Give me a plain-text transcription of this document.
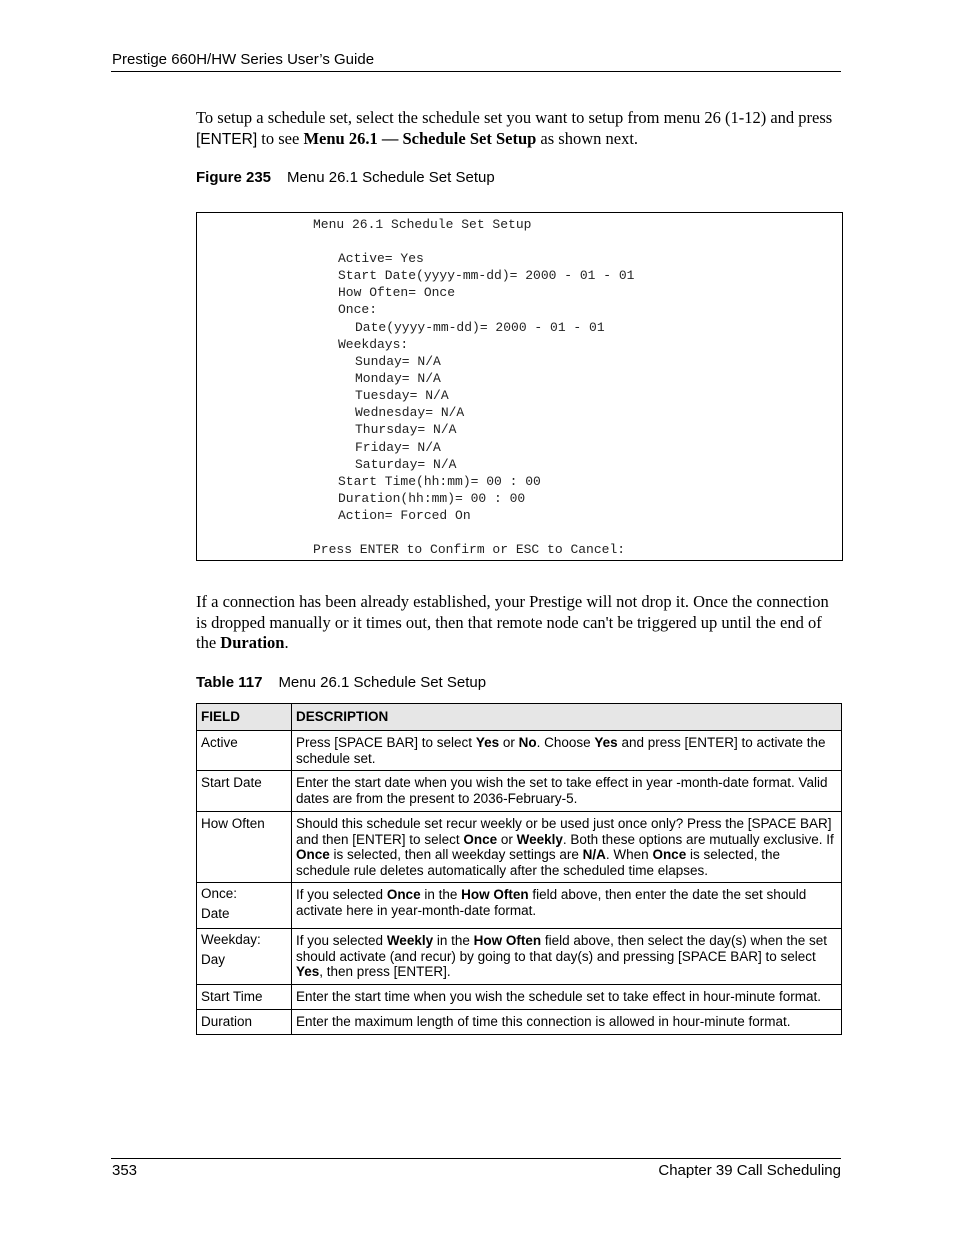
Prestige 660H/HW Series User’s Guide
To setup a schedule set, select the schedule set you want to setup from menu 26 (1-12) and press [ENTER] to see Menu 26.1 — Schedule Set Setup as shown next.
Figure 235 Menu 26.1 Schedule Set Setup
Menu 26.1 Schedule Set Setup
Active= Yes
Start Date(yyyy-mm-dd)= 2000 - 01 - 01
How Often= Once
Once:
Date(yyyy-mm-dd)= 2000 - 01 - 01
Weekdays:
Sunday= N/A
Monday= N/A
Tuesday= N/A
Wednesday= N/A
Thursday= N/A
Friday= N/A
Saturday= N/A
Start Time(hh:mm)= 00 : 00
Duration(hh:mm)= 00 : 00
Action= Forced On
Press ENTER to Confirm or ESC to Cancel:
If a connection has been already established, your Prestige will not drop it. Once the connection is dropped manually or it times out, then that remote node can't be triggered up until the end of the Duration.
Table 117 Menu 26.1 Schedule Set Setup
FIELD	DESCRIPTION
Active	Press [SPACE BAR] to select Yes or No. Choose Yes and press [ENTER] to activate the schedule set.
Start Date	Enter the start date when you wish the set to take effect in year -month-date format. Valid dates are from the present to 2036-February-5.
How Often	Should this schedule set recur weekly or be used just once only? Press the [SPACE BAR] and then [ENTER] to select Once or Weekly. Both these options are mutually exclusive. If Once is selected, then all weekday settings are N/A. When Once is selected, the schedule rule deletes automatically after the scheduled time elapses.
Once:
Date	If you selected Once in the How Often field above, then enter the date the set should activate here in year-month-date format.
Weekday:
Day	If you selected Weekly in the How Often field above, then select the day(s) when the set should activate (and recur) by going to that day(s) and pressing [SPACE BAR] to select Yes, then press [ENTER].
Start Time	Enter the start time when you wish the schedule set to take effect in hour-minute format.
Duration	Enter the maximum length of time this connection is allowed in hour-minute format.
353	Chapter 39 Call Scheduling
